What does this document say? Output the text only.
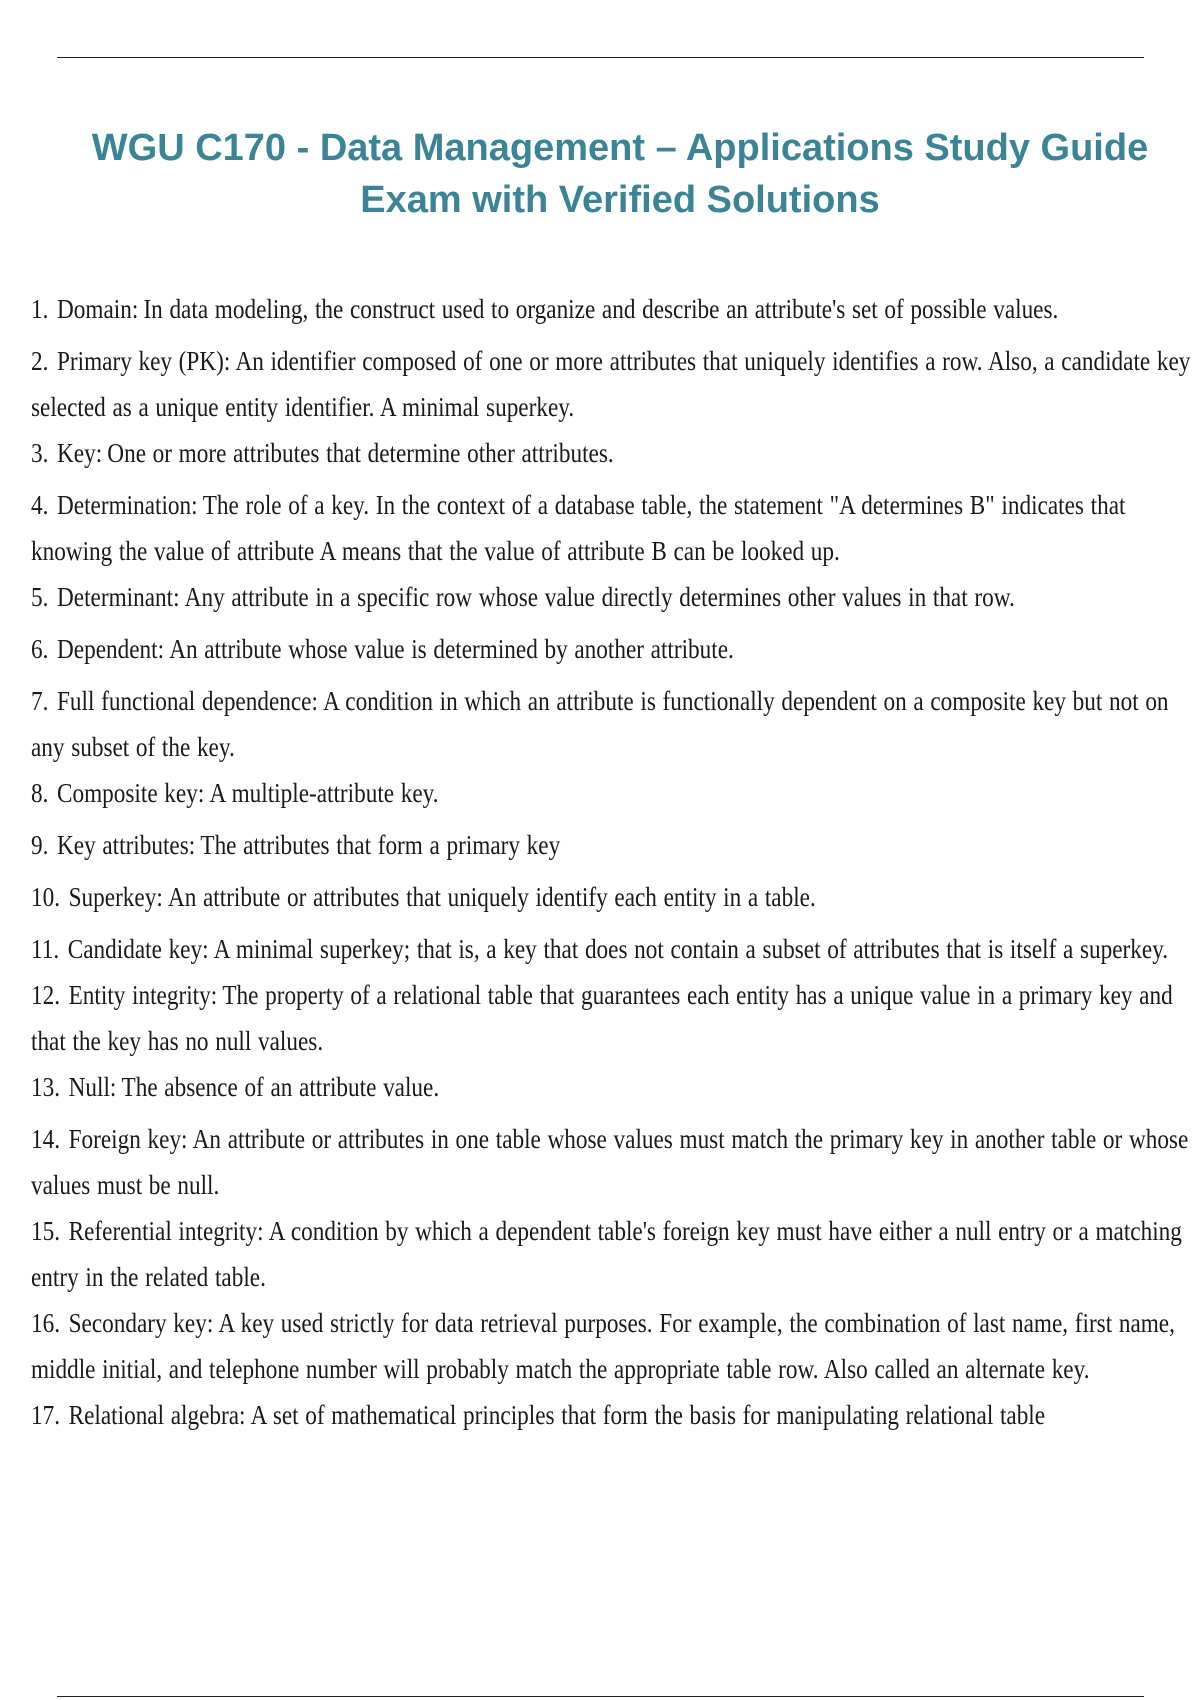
WGU C170 - Data Management – Applications Study Guide Exam with Verified Solutions
1. Domain: In data modeling, the construct used to organize and describe an attribute's set of possible values.
2. Primary key (PK): An identifier composed of one or more attributes that uniquely identifies a row. Also, a candidate key selected as a unique entity identifier. A minimal superkey.
3. Key: One or more attributes that determine other attributes.
4. Determination: The role of a key. In the context of a database table, the statement "A determines B" indicates that knowing the value of attribute A means that the value of attribute B can be looked up.
5. Determinant: Any attribute in a specific row whose value directly determines other values in that row.
6. Dependent: An attribute whose value is determined by another attribute.
7. Full functional dependence: A condition in which an attribute is functionally dependent on a composite key but not on any subset of the key.
8. Composite key: A multiple-attribute key.
9. Key attributes: The attributes that form a primary key
10. Superkey: An attribute or attributes that uniquely identify each entity in a table.
11. Candidate key: A minimal superkey; that is, a key that does not contain a subset of attributes that is itself a superkey.
12. Entity integrity: The property of a relational table that guarantees each entity has a unique value in a primary key and that the key has no null values.
13. Null: The absence of an attribute value.
14. Foreign key: An attribute or attributes in one table whose values must match the primary key in another table or whose values must be null.
15. Referential integrity: A condition by which a dependent table's foreign key must have either a null entry or a matching entry in the related table.
16. Secondary key: A key used strictly for data retrieval purposes. For example, the combination of last name, first name, middle initial, and telephone number will probably match the appropriate table row. Also called an alternate key.
17. Relational algebra: A set of mathematical principles that form the basis for manipulating relational table
